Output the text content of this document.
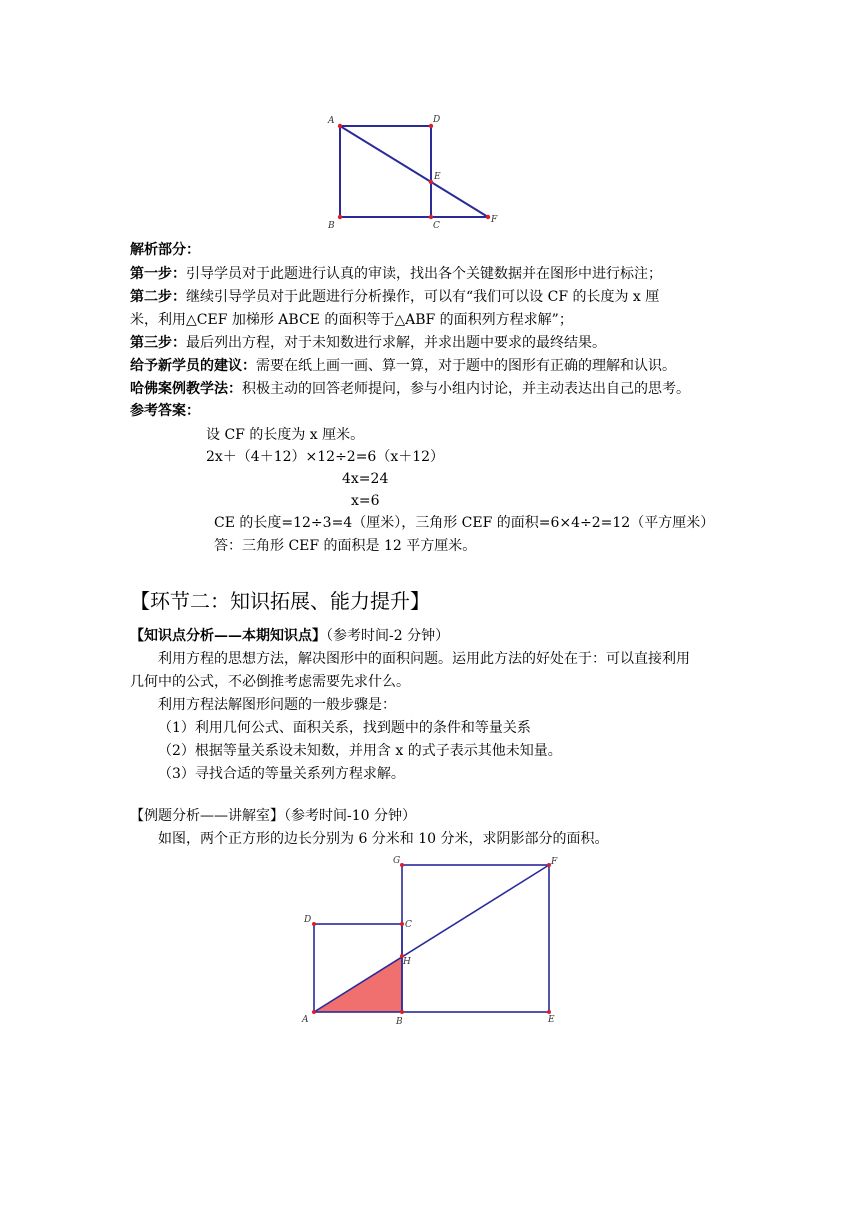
A	D
E
B	C
F
解析部分：
第一步：引导学员对于此题进行认真的审读，找出各个关键数据并在图形中进行标注；
第二步：继续引导学员对于此题进行分析操作，可以有“我们可以设 CF 的长度为 x 厘
米，利用△CEF 加梯形 ABCE 的面积等于△ABF 的面积列方程求解”；
第三步：最后列出方程，对于未知数进行求解，并求出题中要求的最终结果。
给予新学员的建议：需要在纸上画一画、算一算，对于题中的图形有正确的理解和认识。
哈佛案例教学法：积极主动的回答老师提问，参与小组内讨论，并主动表达出自己的思考。
参考答案：
设 CF 的长度为 x 厘米。
2x＋（4＋12）×12÷2=6（x＋12）
4x=24
x=6
CE 的长度=12÷3=4（厘米），三角形 CEF 的面积=6×4÷2=12（平方厘米）
答：三角形 CEF 的面积是 12 平方厘米。
【环节二：知识拓展、能力提升】
【知识点分析——本期知识点】（参考时间-2 分钟）
利用方程的思想方法，解决图形中的面积问题。运用此方法的好处在于：可以直接利用
几何中的公式，不必倒推考虑需要先求什么。
利用方程法解图形问题的一般步骤是：
（1）利用几何公式、面积关系，找到题中的条件和等量关系
（2）根据等量关系设未知数，并用含 x 的式子表示其他未知量。
（3）寻找合适的等量关系列方程求解。
【例题分析——讲解室】（参考时间-10 分钟）
如图，两个正方形的边长分别为 6 分米和 10 分米，求阴影部分的面积。
G	F
D	C
H
A	B	E
